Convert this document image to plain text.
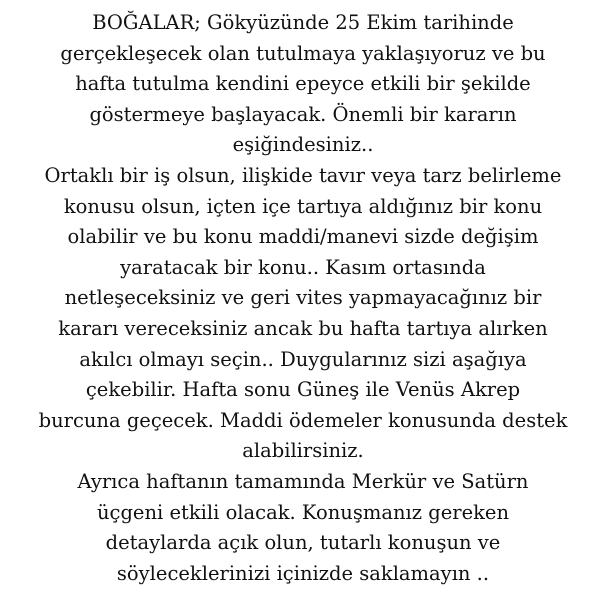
BOĞALAR; Gökyüzünde 25 Ekim tarihinde
gerçekleşecek olan tutulmaya yaklaşıyoruz ve bu
hafta tutulma kendini epeyce etkili bir şekilde
göstermeye başlayacak. Önemli bir kararın
eşiğindesiniz..
Ortaklı bir iş olsun, ilişkide tavır veya tarz belirleme
konusu olsun, içten içe tartıya aldığınız bir konu
olabilir ve bu konu maddi/manevi sizde değişim
yaratacak bir konu.. Kasım ortasında
netleşeceksiniz ve geri vites yapmayacağınız bir
kararı vereceksiniz ancak bu hafta tartıya alırken
akılcı olmayı seçin.. Duygularınız sizi aşağıya
çekebilir. Hafta sonu Güneş ile Venüs Akrep
burcuna geçecek. Maddi ödemeler konusunda destek
alabilirsiniz.
Ayrıca haftanın tamamında Merkür ve Satürn
üçgeni etkili olacak. Konuşmanız gereken
detaylarda açık olun, tutarlı konuşun ve
söyleceklerinizi içinizde saklamayın ..
